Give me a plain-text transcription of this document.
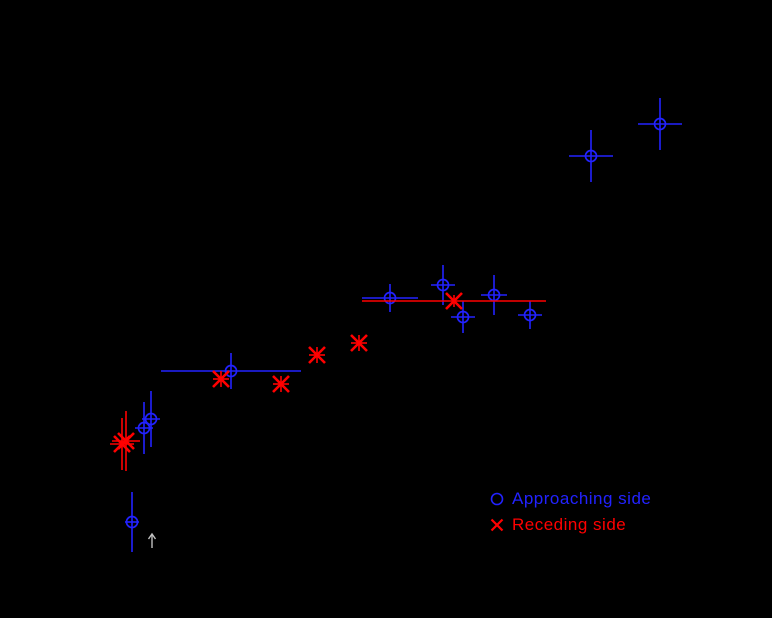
Approaching side
Receding side
